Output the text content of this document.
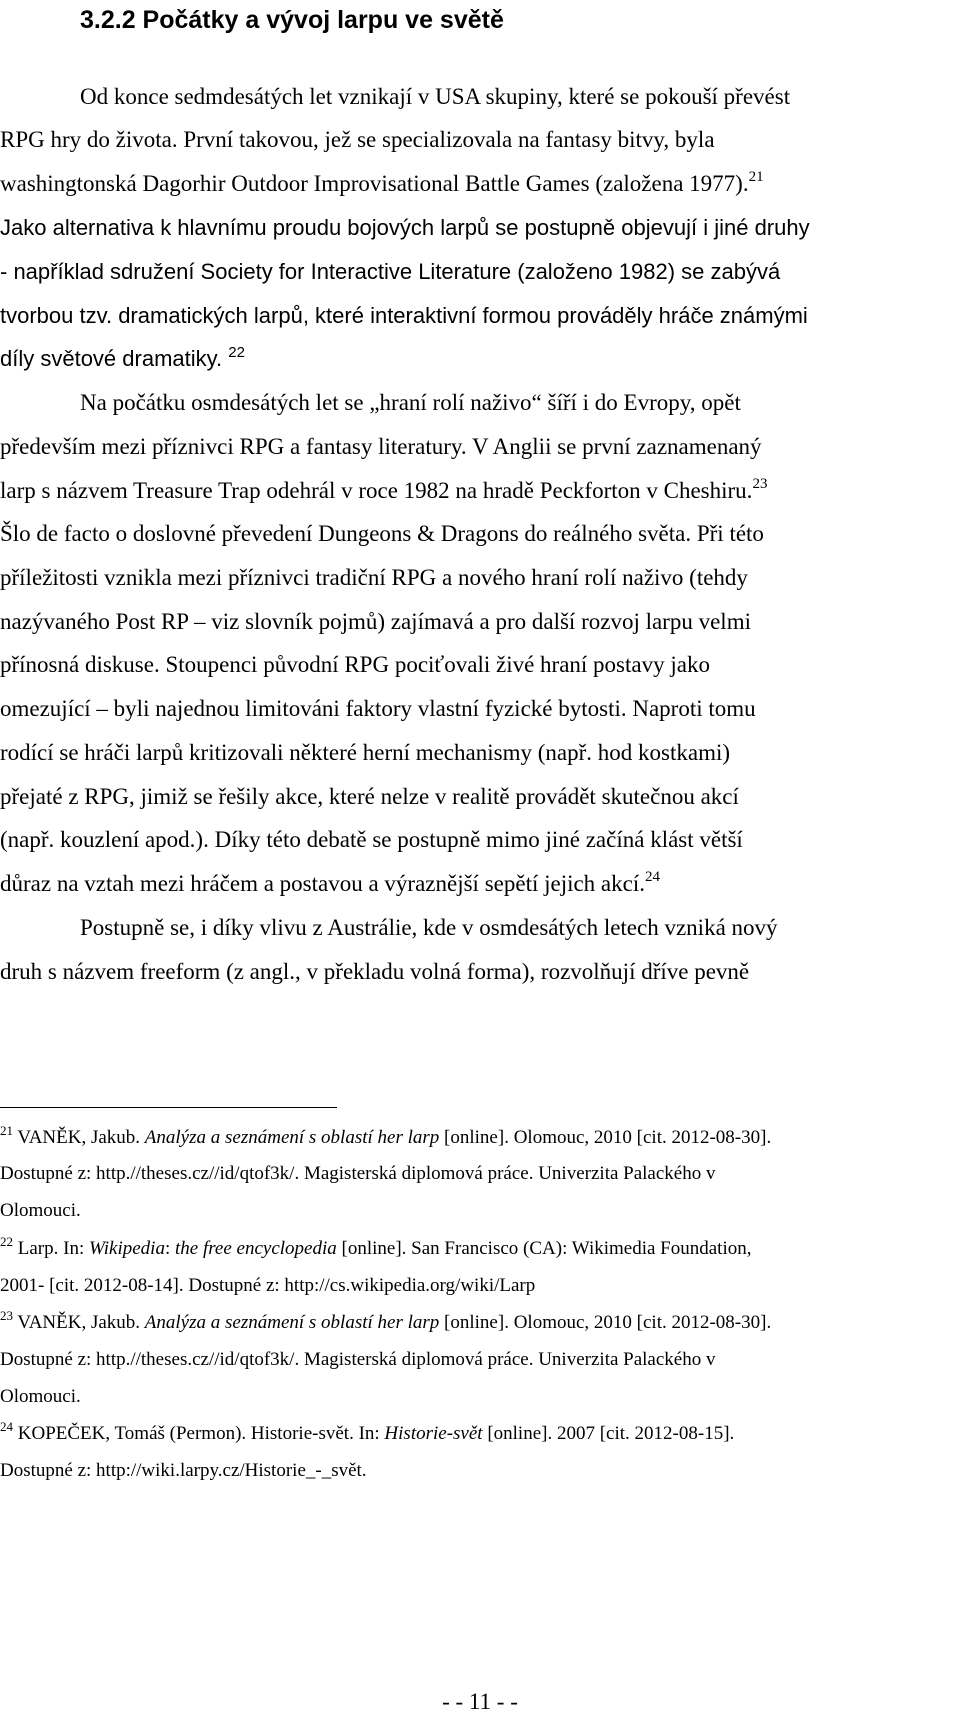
3.2.2 Počátky a vývoj larpu ve světě

Od konce sedmdesátých let vznikají v USA skupiny, které se pokouší převést

RPG hry do života. První takovou, jež se specializovala na fantasy bitvy, byla

washingtonská Dagorhir Outdoor Improvisational Battle Games (založena 1977).$^{21}$

Jako alternativa k hlavnímu proudu bojových larpů se postupně objevují i jiné druhy

- například sdružení Society for Interactive Literature (založeno 1982) se zabývá

tvorbou tzv. dramatických larpů, které interaktivní formou prováděly hráče známými

díly světové dramatiky. $^{22}$

Na počátku osmdesátých let se „hraní rolí naživo“ šíří i do Evropy, opět

především mezi příznivci RPG a fantasy literatury. V Anglii se první zaznamenaný

larp s názvem Treasure Trap odehrál v roce 1982 na hradě Peckforton v Cheshiru.$^{23}$

Šlo de facto o doslovné převedení Dungeons & Dragons do reálného světa. Při této

příležitosti vznikla mezi příznivci tradiční RPG a nového hraní rolí naživo (tehdy

nazývaného Post RP – viz slovník pojmů) zajímavá a pro další rozvoj larpu velmi

přínosná diskuse. Stoupenci původní RPG pociťovali živé hraní postavy jako

omezující – byli najednou limitováni faktory vlastní fyzické bytosti. Naproti tomu

rodící se hráči larpů kritizovali některé herní mechanismy (např. hod kostkami)

přejaté z RPG, jimiž se řešily akce, které nelze v realitě provádět skutečnou akcí

(např. kouzlení apod.). Díky této debatě se postupně mimo jiné začíná klást větší

důraz na vztah mezi hráčem a postavou a výraznější sepětí jejich akcí.$^{24}$

Postupně se, i díky vlivu z Austrálie, kde v osmdesátých letech vzniká nový

druh s názvem freeform (z angl., v překladu volná forma), rozvolňují dříve pevně

$^{21}$ VANĚK, Jakub. Analýza a seznámení s oblastí her larp [online]. Olomouc, 2010 [cit. 2012-08-30].

Dostupné z: http.//theses.cz//id/qtof3k/. Magisterská diplomová práce. Univerzita Palackého v

Olomouci.

$^{22}$ Larp. In: Wikipedia: the free encyclopedia [online]. San Francisco (CA): Wikimedia Foundation,

2001- [cit. 2012-08-14]. Dostupné z: http://cs.wikipedia.org/wiki/Larp

$^{23}$ VANĚK, Jakub. Analýza a seznámení s oblastí her larp [online]. Olomouc, 2010 [cit. 2012-08-30].

Dostupné z: http.//theses.cz//id/qtof3k/. Magisterská diplomová práce. Univerzita Palackého v

Olomouci.

$^{24}$ KOPEČEK, Tomáš (Permon). Historie-svět. In: Historie-svět [online]. 2007 [cit. 2012-08-15].

Dostupné z: http://wiki.larpy.cz/Historie_-_svět.

- - 11 - -
